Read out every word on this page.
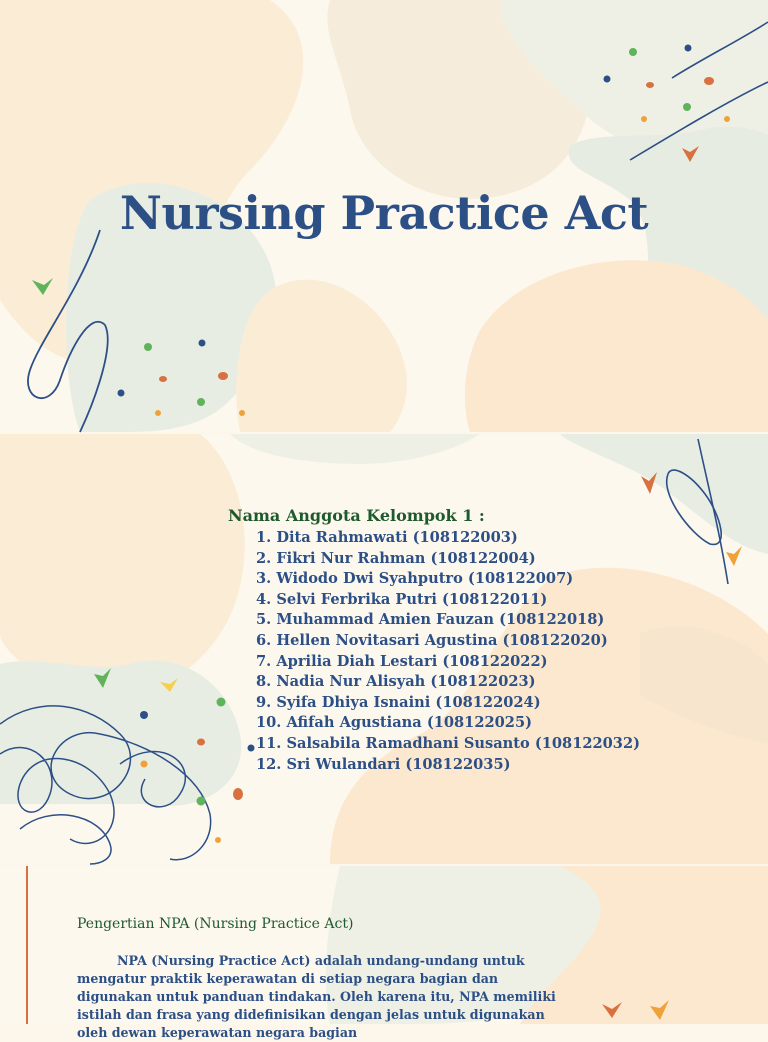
Nursing Practice Act
Nama Anggota Kelompok 1 :
1. Dita Rahmawati (108122003)
2. Fikri Nur Rahman (108122004)
3. Widodo Dwi Syahputro (108122007)
4. Selvi Ferbrika Putri (108122011)
5. Muhammad Amien Fauzan (108122018)
6. Hellen Novitasari Agustina (108122020)
7. Aprilia Diah Lestari (108122022)
8. Nadia Nur Alisyah (108122023)
9. Syifa Dhiya Isnaini (108122024)
10. Afifah Agustiana (108122025)
11. Salsabila Ramadhani Susanto (108122032)
12. Sri Wulandari (108122035)
Pengertian NPA (Nursing Practice Act)

NPA (Nursing Practice Act) adalah undang-undang untuk mengatur praktik keperawatan di setiap negara bagian dan digunakan untuk panduan tindakan. Oleh karena itu, NPA memiliki istilah dan frasa yang didefinisikan dengan jelas untuk digunakan oleh dewan keperawatan negara bagian
